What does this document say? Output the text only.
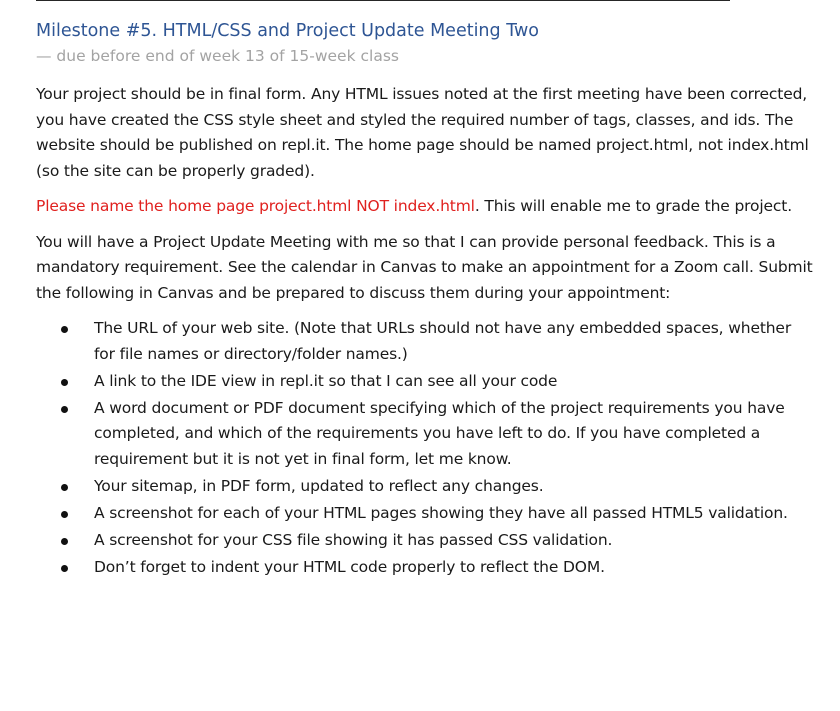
Milestone #5. HTML/CSS and Project Update Meeting Two

— due before end of week 13 of 15-week class

Your project should be in final form. Any HTML issues noted at the first meeting have been corrected, you have created the CSS style sheet and styled the required number of tags, classes, and ids. The website should be published on repl.it. The home page should be named project.html, not index.html (so the site can be properly graded).

Please name the home page project.html NOT index.html. This will enable me to grade the project.

You will have a Project Update Meeting with me so that I can provide personal feedback. This is a mandatory requirement. See the calendar in Canvas to make an appointment for a Zoom call. Submit the following in Canvas and be prepared to discuss them during your appointment:

The URL of your web site. (Note that URLs should not have any embedded spaces, whether for file names or directory/folder names.)
A link to the IDE view in repl.it so that I can see all your code
A word document or PDF document specifying which of the project requirements you have completed, and which of the requirements you have left to do. If you have completed a requirement but it is not yet in final form, let me know.
Your sitemap, in PDF form, updated to reflect any changes.
A screenshot for each of your HTML pages showing they have all passed HTML5 validation.
A screenshot for your CSS file showing it has passed CSS validation.
Don’t forget to indent your HTML code properly to reflect the DOM.
